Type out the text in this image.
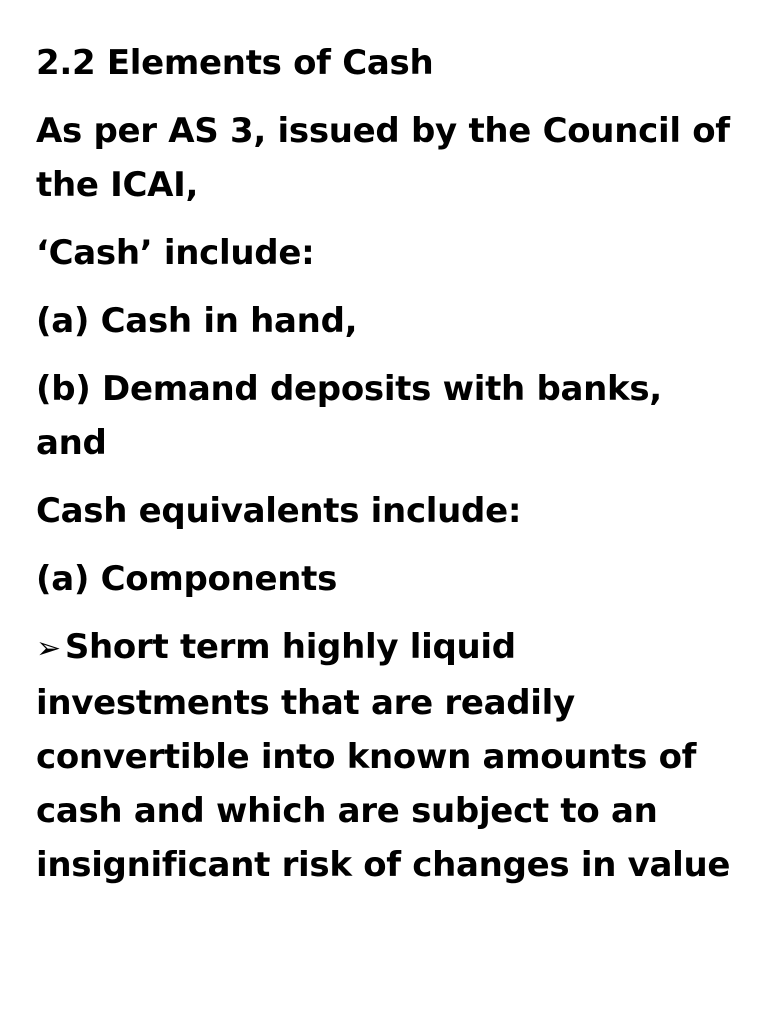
2.2 Elements of Cash

As per AS 3, issued by the Council of the ICAI,

‘Cash’ include:

(a) Cash in hand,

(b) Demand deposits with banks, and

Cash equivalents include:

(a) Components

➢ Short term highly liquid investments that are readily convertible into known amounts of cash and which are subject to an insignificant risk of changes in value
